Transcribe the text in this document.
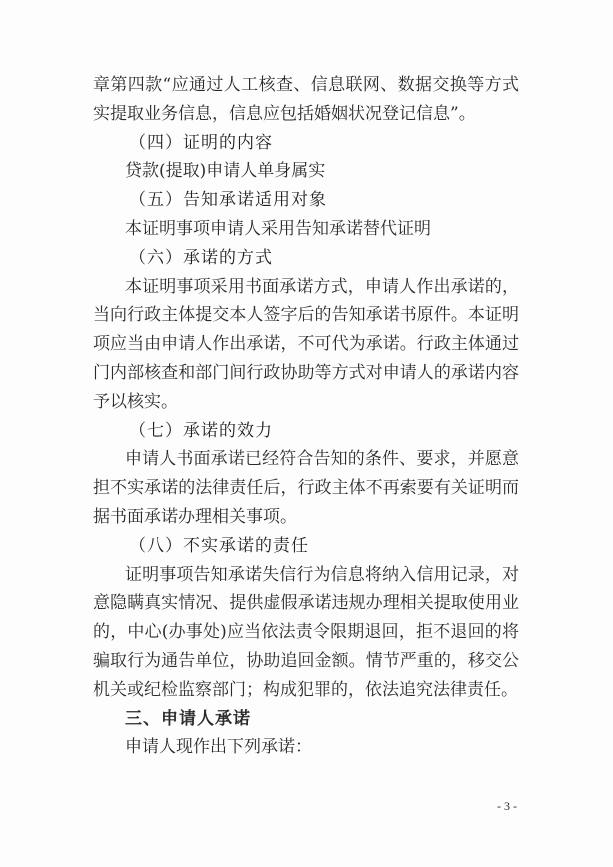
章第四款“应通过人工核查、信息联网、数据交换等方式
实提取业务信息，信息应包括婚姻状况登记信息”。
（四）证明的内容
贷款(提取)申请人单身属实
（五）告知承诺适用对象
本证明事项申请人采用告知承诺替代证明
（六）承诺的方式
本证明事项采用书面承诺方式，申请人作出承诺的，
当向行政主体提交本人签字后的告知承诺书原件。本证明
项应当由申请人作出承诺，不可代为承诺。行政主体通过
门内部核查和部门间行政协助等方式对申请人的承诺内容
予以核实。
（七）承诺的效力
申请人书面承诺已经符合告知的条件、要求，并愿意
担不实承诺的法律责任后，行政主体不再索要有关证明而
据书面承诺办理相关事项。
（八）不实承诺的责任
证明事项告知承诺失信行为信息将纳入信用记录，对
意隐瞒真实情况、提供虚假承诺违规办理相关提取使用业
的，中心(办事处)应当依法责令限期退回，拒不退回的将
骗取行为通告单位，协助追回金额。情节严重的，移交公
机关或纪检监察部门；构成犯罪的，依法追究法律责任。
三、申请人承诺
申请人现作出下列承诺：
- 3 -
